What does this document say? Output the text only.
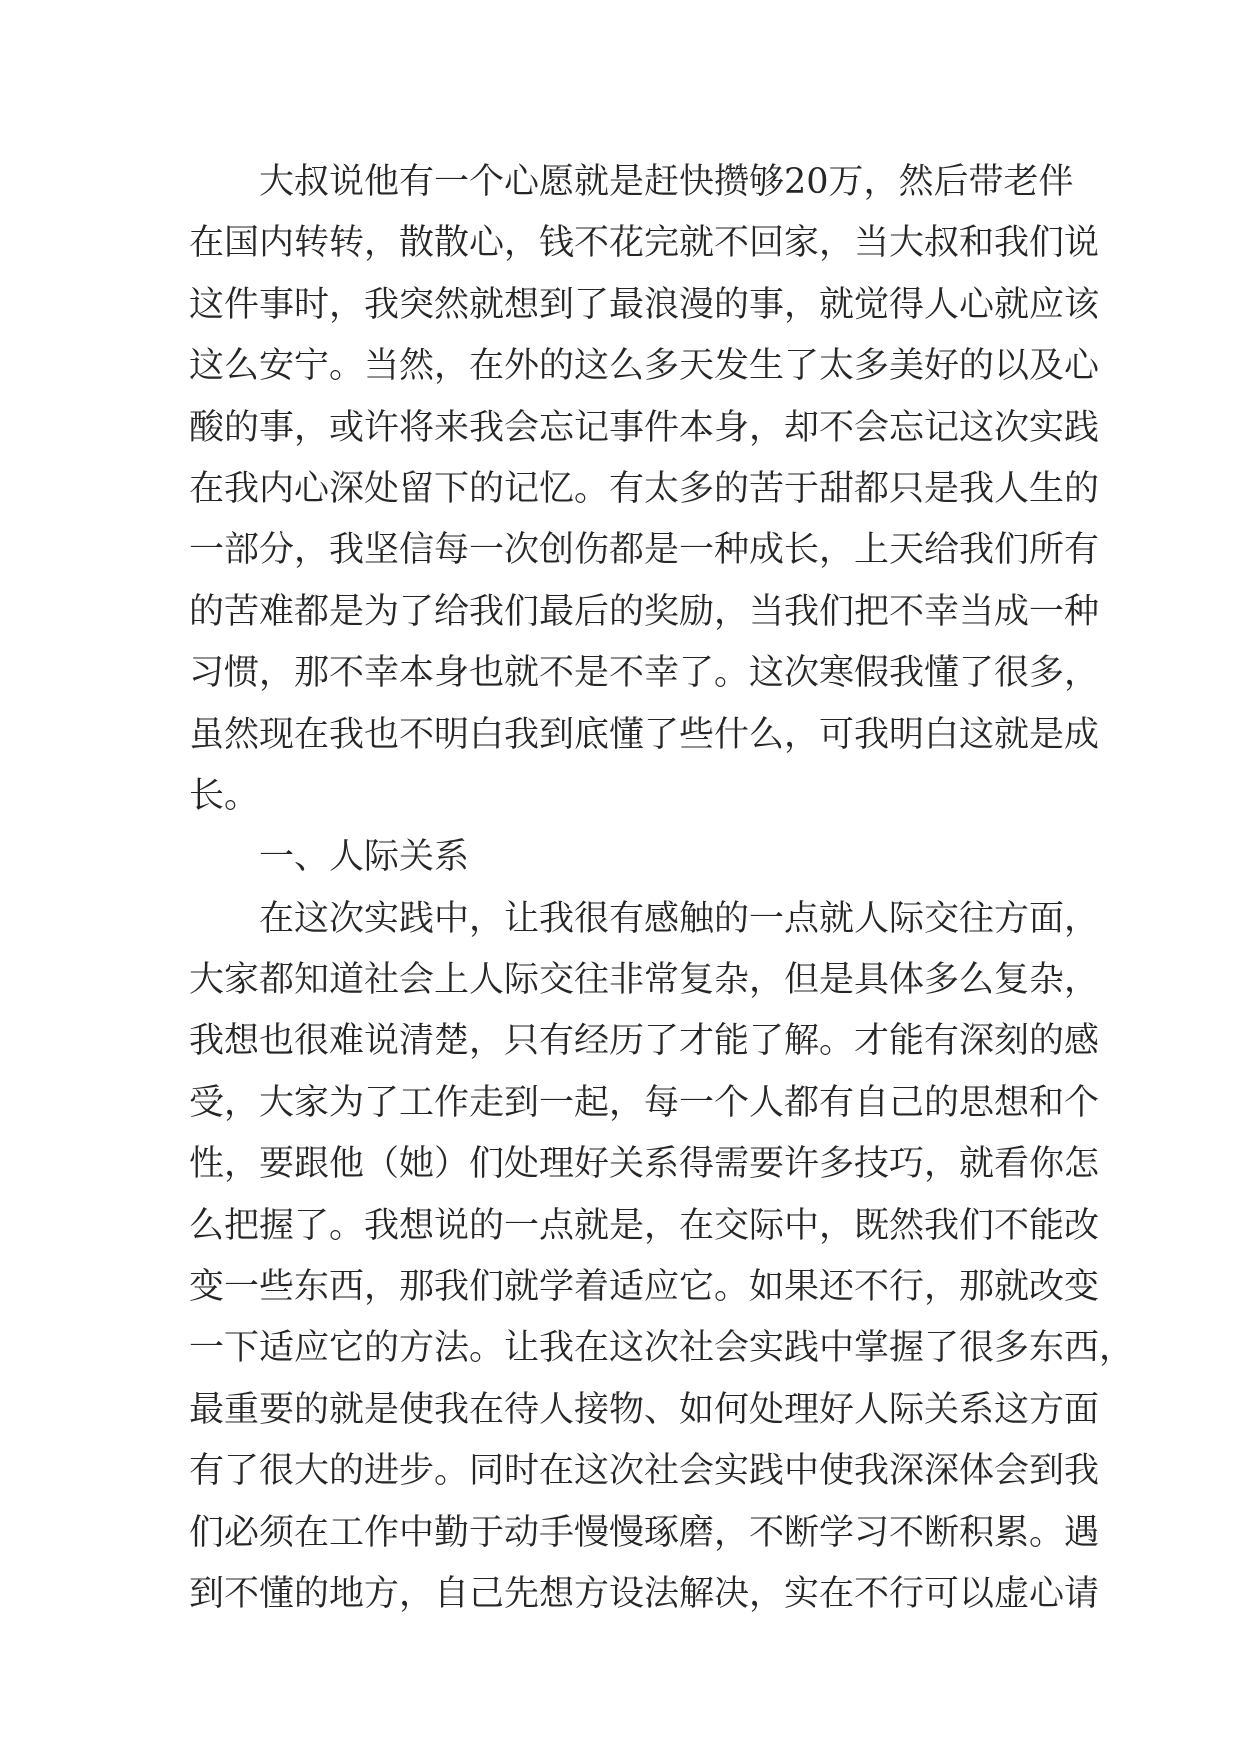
大叔说他有一个心愿就是赶快攒够20万，然后带老伴
在国内转转，散散心，钱不花完就不回家，当大叔和我们说
这件事时，我突然就想到了最浪漫的事，就觉得人心就应该
这么安宁。当然，在外的这么多天发生了太多美好的以及心
酸的事，或许将来我会忘记事件本身，却不会忘记这次实践
在我内心深处留下的记忆。有太多的苦于甜都只是我人生的
一部分，我坚信每一次创伤都是一种成长，上天给我们所有
的苦难都是为了给我们最后的奖励，当我们把不幸当成一种
习惯，那不幸本身也就不是不幸了。这次寒假我懂了很多，
虽然现在我也不明白我到底懂了些什么，可我明白这就是成
长。
一、人际关系
在这次实践中，让我很有感触的一点就人际交往方面，
大家都知道社会上人际交往非常复杂，但是具体多么复杂，
我想也很难说清楚，只有经历了才能了解。才能有深刻的感
受，大家为了工作走到一起，每一个人都有自己的思想和个
性，要跟他（她）们处理好关系得需要许多技巧，就看你怎
么把握了。我想说的一点就是，在交际中，既然我们不能改
变一些东西，那我们就学着适应它。如果还不行，那就改变
一下适应它的方法。让我在这次社会实践中掌握了很多东西，
最重要的就是使我在待人接物、如何处理好人际关系这方面
有了很大的进步。同时在这次社会实践中使我深深体会到我
们必须在工作中勤于动手慢慢琢磨，不断学习不断积累。遇
到不懂的地方，自己先想方设法解决，实在不行可以虚心请
